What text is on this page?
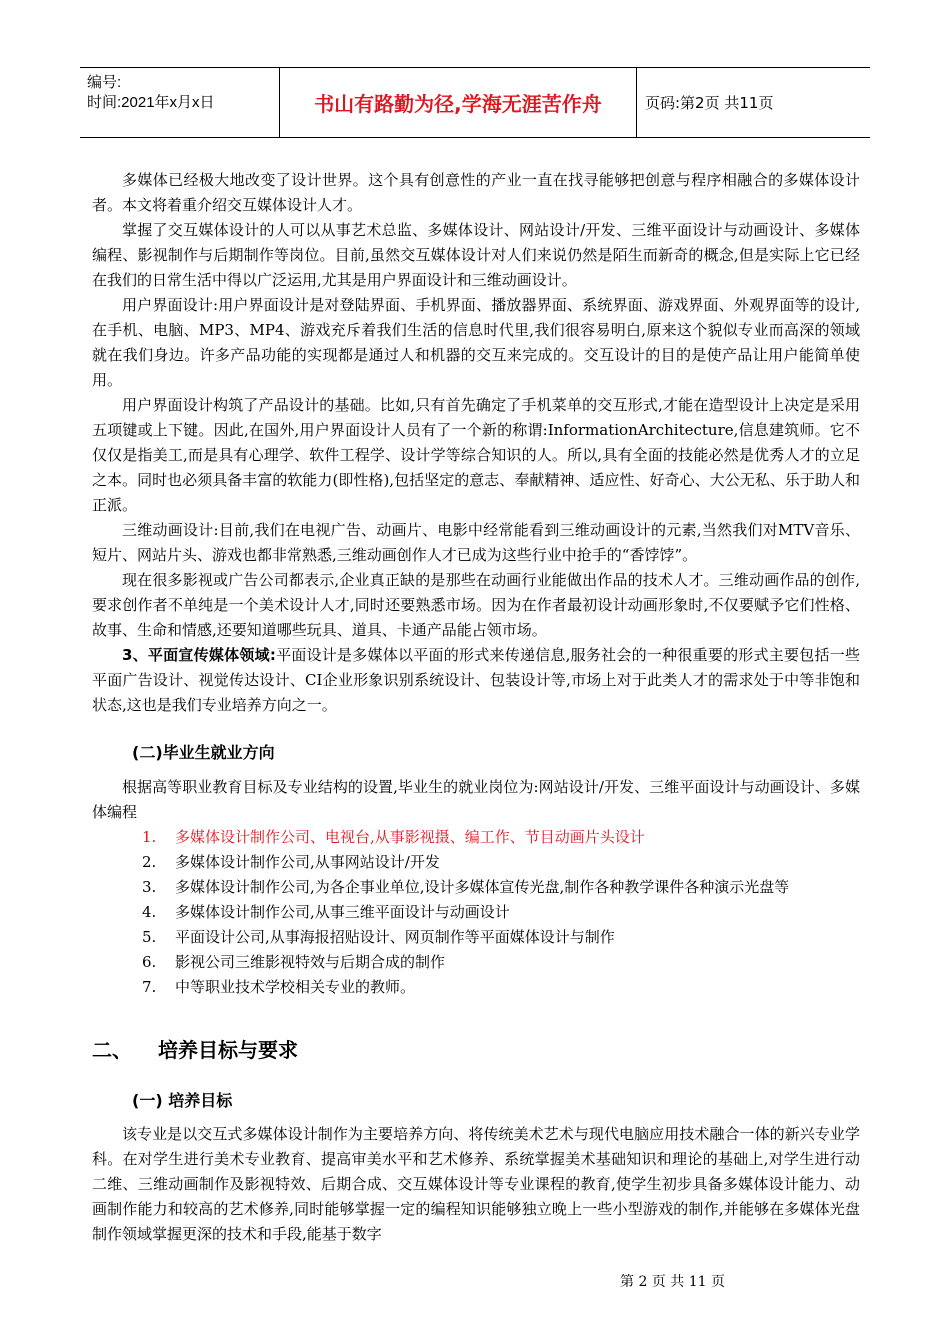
编号:
时间:2021年x月x日	书山有路勤为径,学海无涯苦作舟	页码:第2页 共11页

多媒体已经极大地改变了设计世界。这个具有创意性的产业一直在找寻能够把创意与程序相融合的多媒体设计者。本文将着重介绍交互媒体设计人才。

掌握了交互媒体设计的人可以从事艺术总监、多媒体设计、网站设计/开发、三维平面设计与动画设计、多媒体编程、影视制作与后期制作等岗位。目前,虽然交互媒体设计对人们来说仍然是陌生而新奇的概念,但是实际上它已经在我们的日常生活中得以广泛运用,尤其是用户界面设计和三维动画设计。

用户界面设计:用户界面设计是对登陆界面、手机界面、播放器界面、系统界面、游戏界面、外观界面等的设计,在手机、电脑、MP3、MP4、游戏充斥着我们生活的信息时代里,我们很容易明白,原来这个貌似专业而高深的领域就在我们身边。许多产品功能的实现都是通过人和机器的交互来完成的。交互设计的目的是使产品让用户能简单使用。

用户界面设计构筑了产品设计的基础。比如,只有首先确定了手机菜单的交互形式,才能在造型设计上决定是采用五项键或上下键。因此,在国外,用户界面设计人员有了一个新的称谓:InformationArchitecture,信息建筑师。它不仅仅是指美工,而是具有心理学、软件工程学、设计学等综合知识的人。所以,具有全面的技能必然是优秀人才的立足之本。同时也必须具备丰富的软能力(即性格),包括坚定的意志、奉献精神、适应性、好奇心、大公无私、乐于助人和正派。

三维动画设计:目前,我们在电视广告、动画片、电影中经常能看到三维动画设计的元素,当然我们对MTV音乐、短片、网站片头、游戏也都非常熟悉,三维动画创作人才已成为这些行业中抢手的“香饽饽”。

现在很多影视或广告公司都表示,企业真正缺的是那些在动画行业能做出作品的技术人才。三维动画作品的创作,要求创作者不单纯是一个美术设计人才,同时还要熟悉市场。因为在作者最初设计动画形象时,不仅要赋予它们性格、故事、生命和情感,还要知道哪些玩具、道具、卡通产品能占领市场。

3、平面宣传媒体领域:平面设计是多媒体以平面的形式来传递信息,服务社会的一种很重要的形式主要包括一些平面广告设计、视觉传达设计、CI企业形象识别系统设计、包装设计等,市场上对于此类人才的需求处于中等非饱和状态,这也是我们专业培养方向之一。

(二)毕业生就业方向

根据高等职业教育目标及专业结构的设置,毕业生的就业岗位为:网站设计/开发、三维平面设计与动画设计、多媒体编程

1.	多媒体设计制作公司、电视台,从事影视摄、编工作、节目动画片头设计
2.	多媒体设计制作公司,从事网站设计/开发
3.	多媒体设计制作公司,为各企事业单位,设计多媒体宣传光盘,制作各种教学课件各种演示光盘等
4.	多媒体设计制作公司,从事三维平面设计与动画设计
5.	平面设计公司,从事海报招贴设计、网页制作等平面媒体设计与制作
6.	影视公司三维影视特效与后期合成的制作
7.	中等职业技术学校相关专业的教师。
二、 培养目标与要求
(一) 培养目标

该专业是以交互式多媒体设计制作为主要培养方向、将传统美术艺术与现代电脑应用技术融合一体的新兴专业学科。在对学生进行美术专业教育、提高审美水平和艺术修养、系统掌握美术基础知识和理论的基础上,对学生进行动二维、三维动画制作及影视特效、后期合成、交互媒体设计等专业课程的教育,使学生初步具备多媒体设计能力、动画制作能力和较高的艺术修养,同时能够掌握一定的编程知识能够独立晚上一些小型游戏的制作,并能够在多媒体光盘制作领域掌握更深的技术和手段,能基于数字

第 2 页 共 11 页
